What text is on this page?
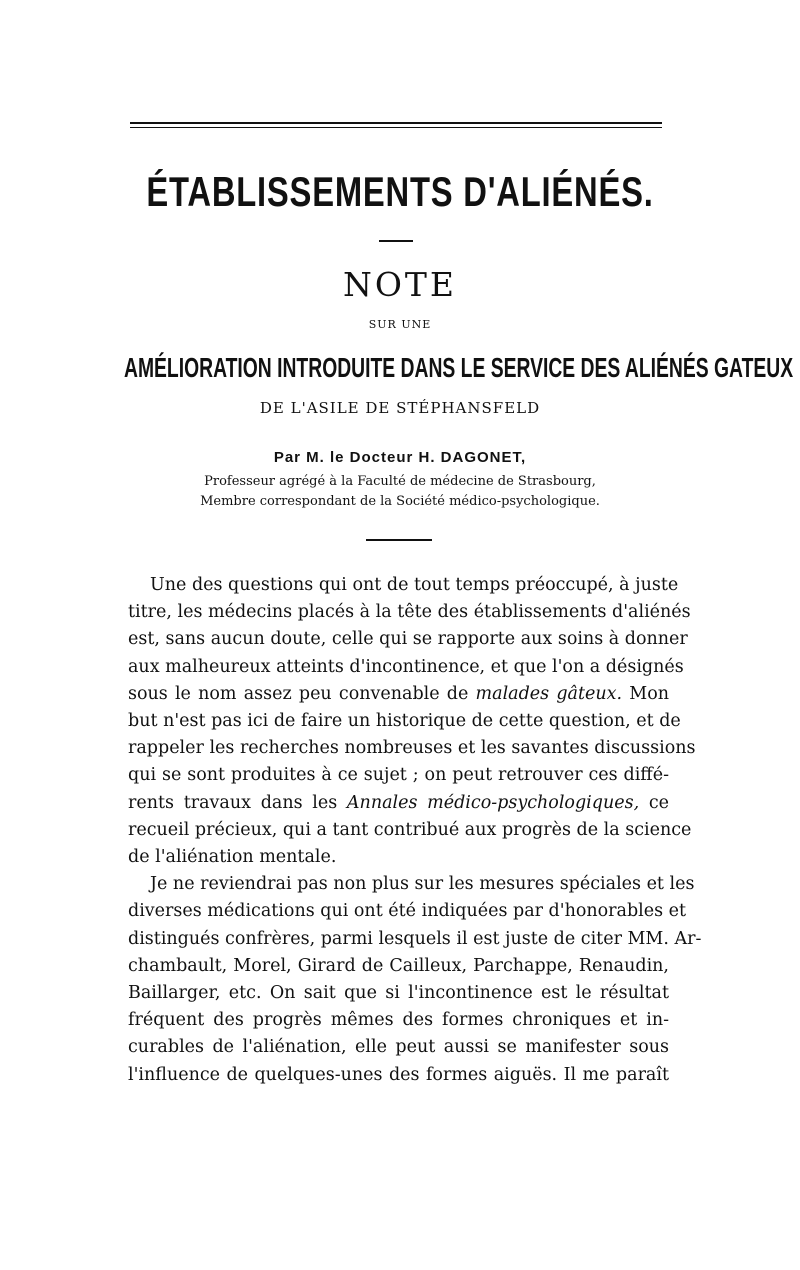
ÉTABLISSEMENTS D'ALIÉNÉS.
NOTE
SUR UNE
AMÉLIORATION INTRODUITE DANS LE SERVICE DES ALIÉNÉS GATEUX
DE L'ASILE DE STÉPHANSFELD
Par M. le Docteur H. DAGONET,
Professeur agrégé à la Faculté de médecine de Strasbourg,
Membre correspondant de la Société médico-psychologique.
Une des questions qui ont de tout temps préoccupé, à juste
titre, les médecins placés à la tête des établissements d'aliénés
est, sans aucun doute, celle qui se rapporte aux soins à donner
aux malheureux atteints d'incontinence, et que l'on a désignés
sous le nom assez peu convenable de malades gâteux. Mon
but n'est pas ici de faire un historique de cette question, et de
rappeler les recherches nombreuses et les savantes discussions
qui se sont produites à ce sujet ; on peut retrouver ces diffé-
rents travaux dans les Annales médico-psychologiques, ce
recueil précieux, qui a tant contribué aux progrès de la science
de l'aliénation mentale.
Je ne reviendrai pas non plus sur les mesures spéciales et les
diverses médications qui ont été indiquées par d'honorables et
distingués confrères, parmi lesquels il est juste de citer MM. Ar-
chambault, Morel, Girard de Cailleux, Parchappe, Renaudin,
Baillarger, etc. On sait que si l'incontinence est le résultat
fréquent des progrès mêmes des formes chroniques et in-
curables de l'aliénation, elle peut aussi se manifester sous
l'influence de quelques-unes des formes aiguës. Il me paraît
